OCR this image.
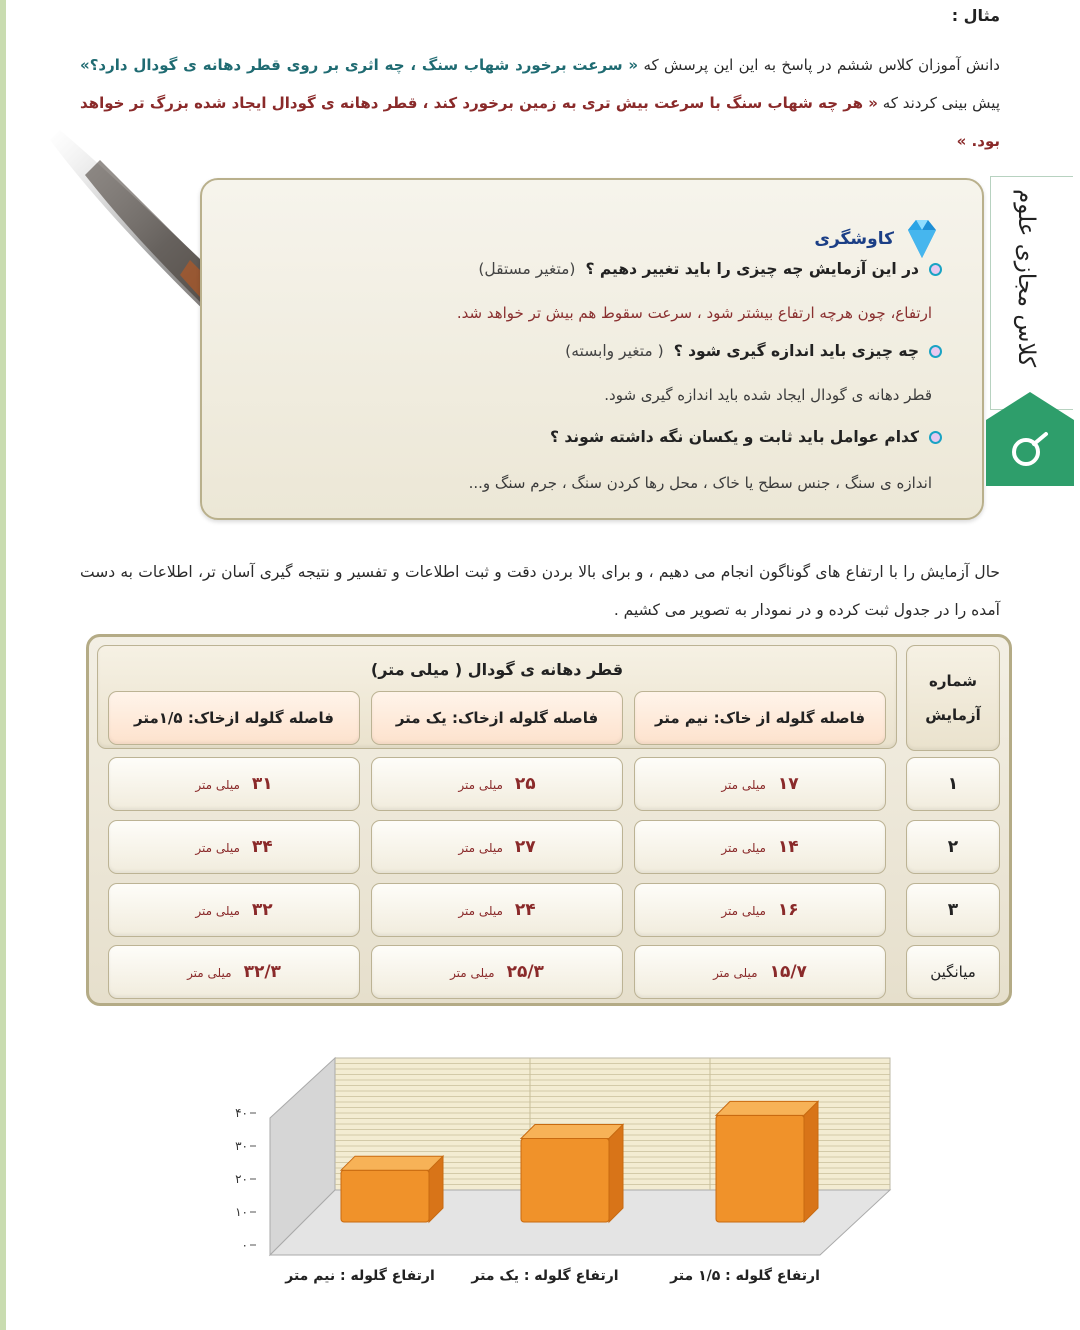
مثال :
دانش آموزان کلاس ششم در پاسخ به این این پرسش که « سرعت برخورد شهاب سنگ ، چه اثری بر روی قطر دهانه ی گودال دارد؟» پیش بینی کردند که « هر چه شهاب سنگ با سرعت بیش تری به زمین برخورد کند ، قطر دهانه ی گودال ایجاد شده بزرگ تر خواهد بود. »
کاوشگری
در این آزمایش چه چیزی را باید تغییر دهیم ؟
(متغیر مستقل)
ارتفاع، چون هرچه ارتفاع بیشتر شود ، سرعت سقوط هم بیش تر خواهد شد.
چه چیزی باید اندازه گیری شود ؟
( متغیر وابسته)
قطر دهانه ی گودال ایجاد شده باید اندازه گیری شود.
کدام عوامل باید ثابت و یکسان نگه داشته شوند ؟
اندازه ی سنگ ، جنس سطح یا خاک ، محل رها کردن سنگ ، جرم سنگ و...
کلاس مجازی علوم
حال آزمایش را با ارتفاع های گوناگون انجام می دهیم ، و برای بالا بردن دقت و ثبت اطلاعات و تفسیر و نتیجه گیری آسان تر، اطلاعات به دست آمده را در جدول ثبت کرده و در نمودار به تصویر می کشیم .
شماره آزمایش
قطر دهانه ی گودال ( میلی متر)
فاصله گلوله از خاک:

نیم متر
فاصله گلوله ازخاک:

یک متر
فاصله گلوله ازخاک:

۱/۵متر
۱
۱۷
میلی متر
۲۵
میلی متر
۳۱
میلی متر
۲
۱۴
میلی متر
۲۷
میلی متر
۳۴
میلی متر
۳
۱۶
میلی متر
۲۴
میلی متر
۳۲
میلی متر
میانگین
۱۵/۷
میلی متر
۲۵/۳
میلی متر
۳۲/۳
میلی متر
۰
۱۰
۲۰
۳۰
۴۰
ارتفاع گلوله : نیم متر	ارتفاع گلوله : یک متر	ارتفاع گلوله : ۱/۵ متر
